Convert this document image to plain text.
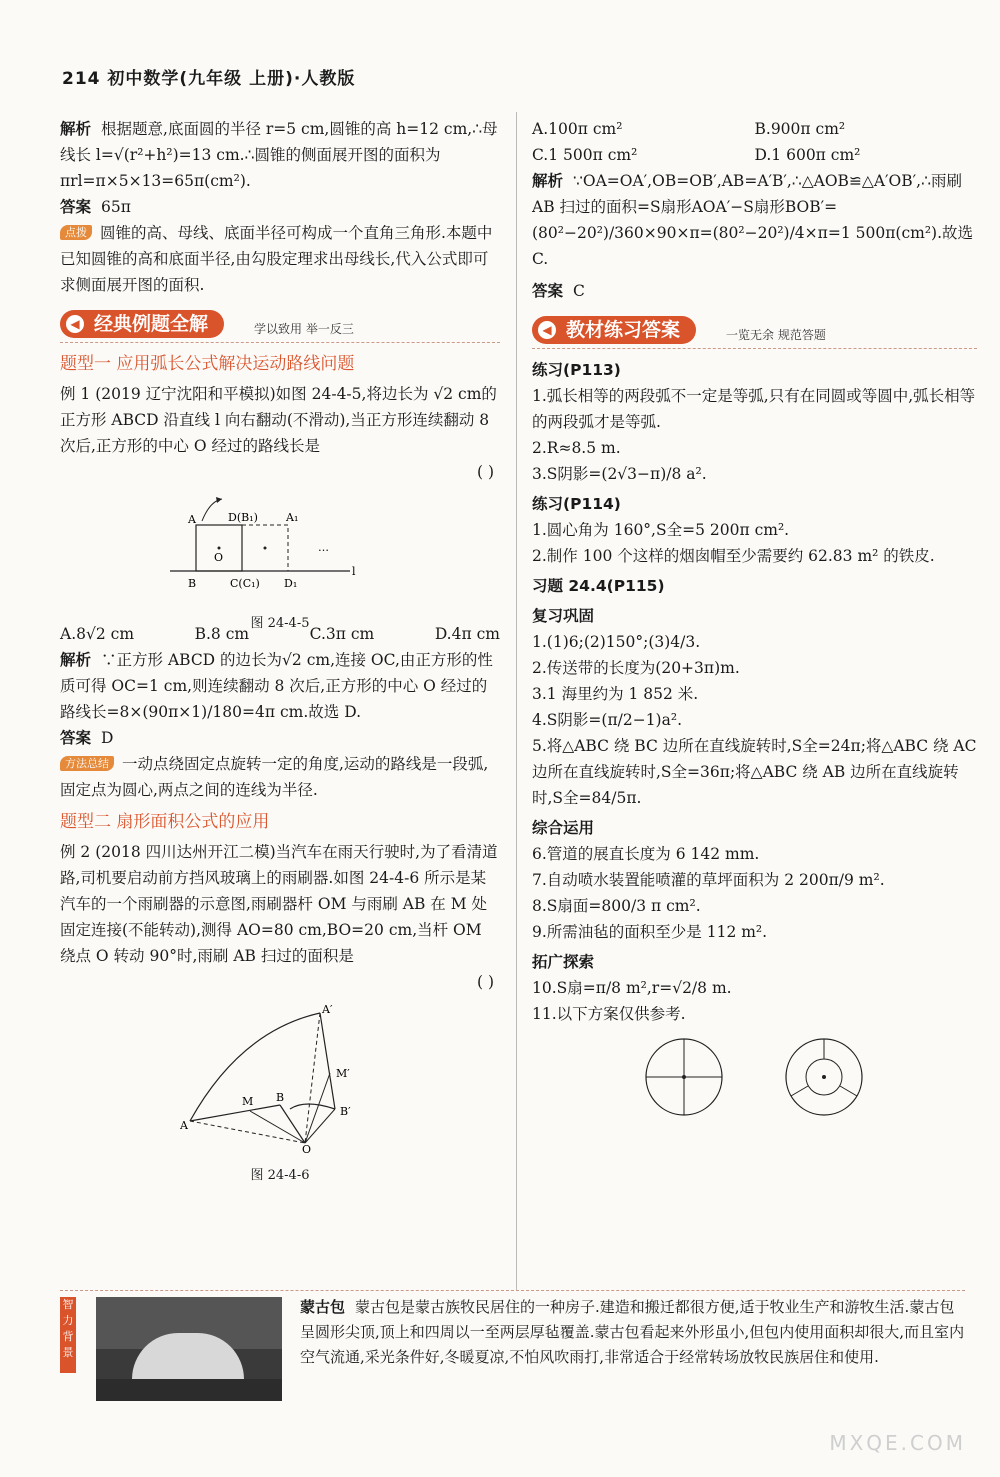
214 初中数学(九年级 上册)·人教版

解析 根据题意,底面圆的半径 r=5 cm,圆锥的高 h=12 cm,∴母线长 l=√(r²+h²)=13 cm.∴圆锥的侧面展开图的面积为 πrl=π×5×13=65π(cm²).

答案 65π

点拨 圆锥的高、母线、底面半径可构成一个直角三角形.本题中已知圆锥的高和底面半径,由勾股定理求出母线长,代入公式即可求侧面展开图的面积.

◀ 经典例题全解	学以致用 举一反三
题型一 应用弧长公式解决运动路线问题

例 1 (2019 辽宁沈阳和平模拟)如图 24-4-5,将边长为 √2 cm的正方形 ABCD 沿直线 l 向右翻动(不滑动),当正方形连续翻动 8 次后,正方形的中心 O 经过的路线长是

( )

A	D(B₁)	A₁
O
B	C(C₁) D₁
l
…
图 24-4-5
A.8√2 cm	B.8 cm	C.3π cm	D.4π cm

解析 ∵正方形 ABCD 的边长为√2 cm,连接 OC,由正方形的性质可得 OC=1 cm,则连续翻动 8 次后,正方形的中心 O 经过的路线长=8×(90π×1)/180=4π cm.故选 D.

答案 D

方法总结 一动点绕固定点旋转一定的角度,运动的路线是一段弧,固定点为圆心,两点之间的连线为半径.

题型二 扇形面积公式的应用

例 2 (2018 四川达州开江二模)当汽车在雨天行驶时,为了看清道路,司机要启动前方挡风玻璃上的雨刷器.如图 24-4-6 所示是某汽车的一个雨刷器的示意图,雨刷器杆 OM 与雨刷 AB 在 M 处固定连接(不能转动),测得 AO=80 cm,BO=20 cm,当杆 OM 绕点 O 转动 90°时,雨刷 AB 扫过的面积是

( )

A′
M′
B′
A
M B
O
图 24-4-6
A.100π cm²	B.900π cm²
C.1 500π cm²	D.1 600π cm²

解析 ∵OA=OA′,OB=OB′,AB=A′B′,∴△AOB≌△A′OB′,∴雨刷 AB 扫过的面积=S扇形AOA′−S扇形BOB′=(80²−20²)/360×90×π=(80²−20²)/4×π=1 500π(cm²).故选 C.

答案 C

◀ 教材练习答案	一览无余 规范答题
练习(P113)

1.弧长相等的两段弧不一定是等弧,只有在同圆或等圆中,弧长相等的两段弧才是等弧.

2.R≈8.5 m.

3.S阴影=(2√3−π)/8 a².

练习(P114)

1.圆心角为 160°,S全=5 200π cm².

2.制作 100 个这样的烟囱帽至少需要约 62.83 m² 的铁皮.

习题 24.4(P115)
复习巩固

1.(1)6;(2)150°;(3)4/3.

2.传送带的长度为(20+3π)m.

3.1 海里约为 1 852 米.

4.S阴影=(π/2−1)a².

5.将△ABC 绕 BC 边所在直线旋转时,S全=24π;将△ABC 绕 AC 边所在直线旋转时,S全=36π;将△ABC 绕 AB 边所在直线旋转时,S全=84/5π.

综合运用

6.管道的展直长度为 6 142 mm.

7.自动喷水装置能喷灌的草坪面积为 2 200π/9 m².

8.S扇面=800/3 π cm².

9.所需油毡的面积至少是 112 m².

拓广探索

10.S扇=π/8 m²,r=√2/8 m.

11.以下方案仅供参考.

智力背景
蒙古包 蒙古包是蒙古族牧民居住的一种房子.建造和搬迁都很方便,适于牧业生产和游牧生活.蒙古包呈圆形尖顶,顶上和四周以一至两层厚毡覆盖.蒙古包看起来外形虽小,但包内使用面积却很大,而且室内空气流通,采光条件好,冬暖夏凉,不怕风吹雨打,非常适合于经常转场放牧民族居住和使用.
MXQE.COM
